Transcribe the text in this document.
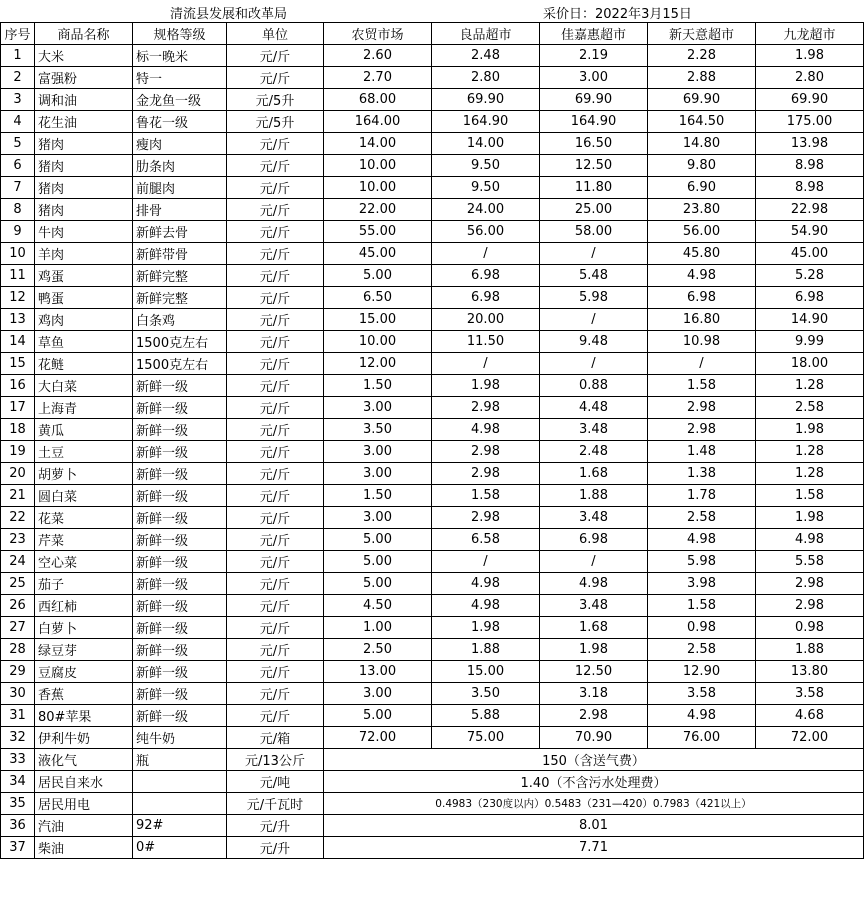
清流县发展和改革局	采价日：2022年3月15日
序号	商品名称	规格等级	单位	农贸市场	良品超市	佳嘉惠超市	新天意超市	九龙超市
1	大米	标一晚米	元/斤	2.60	2.48	2.19	2.28	1.98
2	富强粉	特一	元/斤	2.70	2.80	3.00	2.88	2.80
3	调和油	金龙鱼一级	元/5升	68.00	69.90	69.90	69.90	69.90
4	花生油	鲁花一级	元/5升	164.00	164.90	164.90	164.50	175.00
5	猪肉	瘦肉	元/斤	14.00	14.00	16.50	14.80	13.98
6	猪肉	肋条肉	元/斤	10.00	9.50	12.50	9.80	8.98
7	猪肉	前腿肉	元/斤	10.00	9.50	11.80	6.90	8.98
8	猪肉	排骨	元/斤	22.00	24.00	25.00	23.80	22.98
9	牛肉	新鲜去骨	元/斤	55.00	56.00	58.00	56.00	54.90
10	羊肉	新鲜带骨	元/斤	45.00	/	/	45.80	45.00
11	鸡蛋	新鲜完整	元/斤	5.00	6.98	5.48	4.98	5.28
12	鸭蛋	新鲜完整	元/斤	6.50	6.98	5.98	6.98	6.98
13	鸡肉	白条鸡	元/斤	15.00	20.00	/	16.80	14.90
14	草鱼	1500克左右	元/斤	10.00	11.50	9.48	10.98	9.99
15	花鲢	1500克左右	元/斤	12.00	/	/	/	18.00
16	大白菜	新鲜一级	元/斤	1.50	1.98	0.88	1.58	1.28
17	上海青	新鲜一级	元/斤	3.00	2.98	4.48	2.98	2.58
18	黄瓜	新鲜一级	元/斤	3.50	4.98	3.48	2.98	1.98
19	土豆	新鲜一级	元/斤	3.00	2.98	2.48	1.48	1.28
20	胡萝卜	新鲜一级	元/斤	3.00	2.98	1.68	1.38	1.28
21	圆白菜	新鲜一级	元/斤	1.50	1.58	1.88	1.78	1.58
22	花菜	新鲜一级	元/斤	3.00	2.98	3.48	2.58	1.98
23	芹菜	新鲜一级	元/斤	5.00	6.58	6.98	4.98	4.98
24	空心菜	新鲜一级	元/斤	5.00	/	/	5.98	5.58
25	茄子	新鲜一级	元/斤	5.00	4.98	4.98	3.98	2.98
26	西红柿	新鲜一级	元/斤	4.50	4.98	3.48	1.58	2.98
27	白萝卜	新鲜一级	元/斤	1.00	1.98	1.68	0.98	0.98
28	绿豆芽	新鲜一级	元/斤	2.50	1.88	1.98	2.58	1.88
29	豆腐皮	新鲜一级	元/斤	13.00	15.00	12.50	12.90	13.80
30	香蕉	新鲜一级	元/斤	3.00	3.50	3.18	3.58	3.58
31	80#苹果	新鲜一级	元/斤	5.00	5.88	2.98	4.98	4.68
32	伊利牛奶	纯牛奶	元/箱	72.00	75.00	70.90	76.00	72.00
33	液化气	瓶	元/13公斤	150（含送气费）				
34	居民自来水		元/吨	1.40（不含污水处理费）				
35	居民用电		元/千瓦时	0.4983（230度以内）0.5483（231—420）0.7983（421以上）				
36	汽油	92#	元/升	8.01				
37	柴油	0#	元/升	7.71				
